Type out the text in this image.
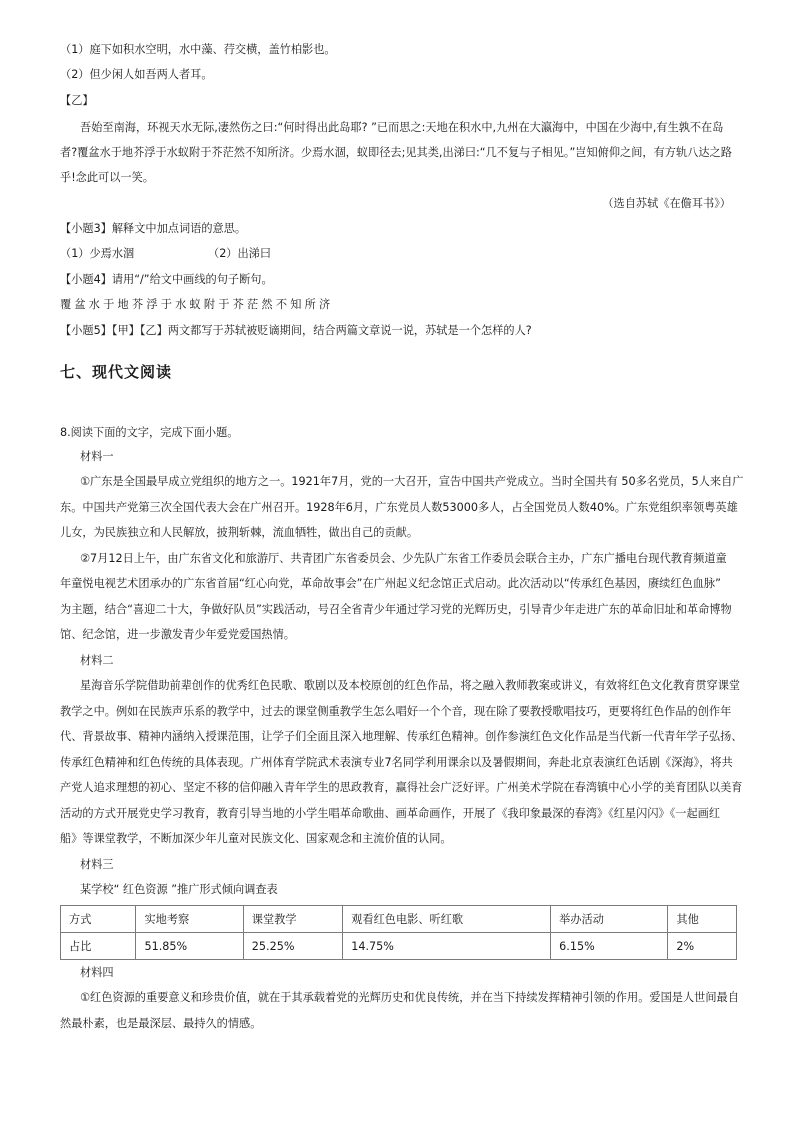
（1）庭下如积水空明，水中藻、荇交横，盖竹柏影也。
（2）但少闲人如吾两人者耳。
【乙】
吾始至南海，环视天水无际,凄然伤之曰:“何时得出此岛耶? ”已而思之:天地在积水中,九州在大瀛海中，中国在少海中,有生孰不在岛
者?覆盆水于地芥浮于水蚁附于芥茫然不知所济。少焉水涸，蚁即径去;见其类,出涕曰:“几不复与子相见。”岂知俯仰之间，有方轨八达之路
乎!念此可以一笑。
（选自苏轼《在儋耳书》）
【小题3】解释文中加点词语的意思。
（1）少焉水涸	（2）出涕曰
【小题4】请用“/”给文中画线的句子断句。
覆盆水于地芥浮于水蚁附于芥茫然不知所济
【小题5】【甲】【乙】两文都写于苏轼被贬谪期间，结合两篇文章说一说，苏轼是一个怎样的人?
七、现代文阅读
8.阅读下面的文字，完成下面小题。
材料一
①广东是全国最早成立党组织的地方之一。1921年7月，党的一大召开，宣告中国共产党成立。当时全国共有 50多名党员，5人来自广
东。中国共产党第三次全国代表大会在广州召开。1928年6月，广东党员人数53000多人，占全国党员人数40%。广东党组织率领粤英雄
儿女，为民族独立和人民解放，披荆斩棘，流血牺牲，做出自己的贡献。
②7月12日上午，由广东省文化和旅游厅、共青团广东省委员会、少先队广东省工作委员会联合主办，广东广播电台现代教育频道童
年童悦电视艺术团承办的广东省首届“红心向党，革命故事会”在广州起义纪念馆正式启动。此次活动以“传承红色基因，赓续红色血脉”
为主题，结合“喜迎二十大，争做好队员”实践活动，号召全省青少年通过学习党的光辉历史，引导青少年走进广东的革命旧址和革命博物
馆、纪念馆，进一步激发青少年爱党爱国热情。
材料二
星海音乐学院借助前辈创作的优秀红色民歌、歌剧以及本校原创的红色作品，将之融入教师教案或讲义，有效将红色文化教育贯穿课堂
教学之中。例如在民族声乐系的教学中，过去的课堂侧重教学生怎么唱好一个个音，现在除了要教授歌唱技巧，更要将红色作品的创作年
代、背景故事、精神内涵纳入授课范围，让学子们全面且深入地理解、传承红色精神。创作参演红色文化作品是当代新一代青年学子弘扬、
传承红色精神和红色传统的具体表现。广州体育学院武术表演专业7名同学利用课余以及暑假期间，奔赴北京表演红色话剧《深海》，将共
产党人追求理想的初心、坚定不移的信仰融入青年学生的思政教育，赢得社会广泛好评。广州美术学院在春湾镇中心小学的美育团队以美育
活动的方式开展党史学习教育，教育引导当地的小学生唱革命歌曲、画革命画作，开展了《我印象最深的春湾》《红星闪闪》《一起画红
船》等课堂教学，不断加深少年儿童对民族文化、国家观念和主流价值的认同。
材料三
某学校“ 红色资源 ”推广形式倾向调查表
方式	实地考察	课堂教学	观看红色电影、听红歌	举办活动	其他
占比	51.85%	25.25%	14.75%	6.15%	2%
材料四
①红色资源的重要意义和珍贵价值，就在于其承载着党的光辉历史和优良传统，并在当下持续发挥精神引领的作用。爱国是人世间最自
然最朴素，也是最深层、最持久的情感。
